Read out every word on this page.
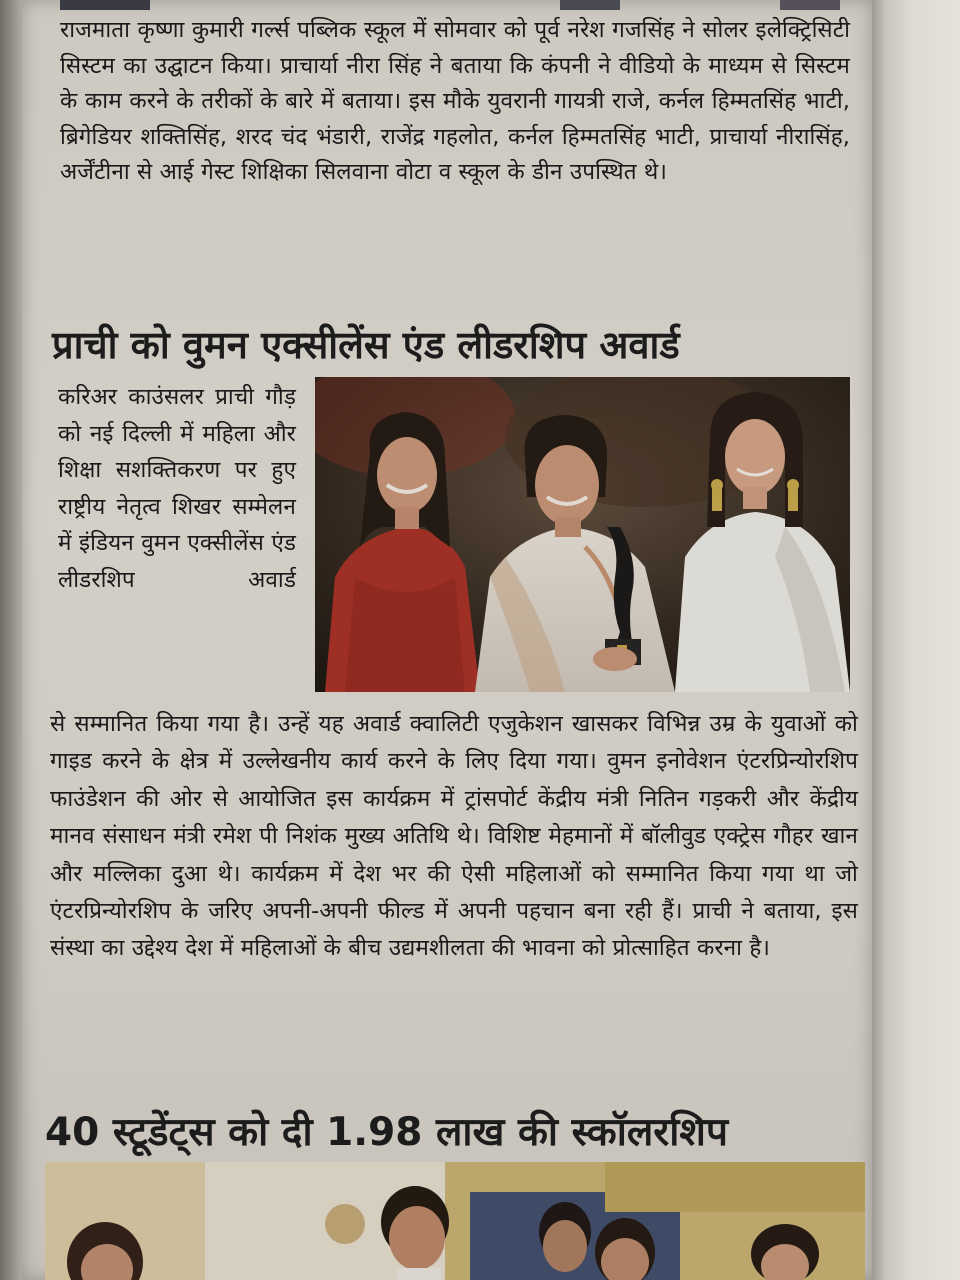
राजमाता कृष्णा कुमारी गर्ल्स पब्लिक स्कूल में सोमवार को पूर्व नरेश गजसिंह ने सोलर इलेक्ट्रिसिटी सिस्टम का उद्घाटन किया। प्राचार्या नीरा सिंह ने बताया कि कंपनी ने वीडियो के माध्यम से सिस्टम के काम करने के तरीकों के बारे में बताया। इस मौके युवरानी गायत्री राजे, कर्नल हिम्मतसिंह भाटी, ब्रिगेडियर शक्तिसिंह, शरद चंद भंडारी, राजेंद्र गहलोत, कर्नल हिम्मतसिंह भाटी, प्राचार्या नीरासिंह, अर्जेंटीना से आई गेस्ट शिक्षिका सिलवाना वोटा व स्कूल के डीन उपस्थित थे।

प्राची को वुमन एक्सीलेंस एंड लीडरशिप अवार्ड

करिअर काउंसलर प्राची गौड़ को नई दिल्ली में महिला और शिक्षा सशक्तिकरण पर हुए राष्ट्रीय नेतृत्व शिखर सम्मेलन में इंडियन वुमन एक्सीलेंस एंड लीडरशिप अवार्ड

से सम्मानित किया गया है। उन्हें यह अवार्ड क्वालिटी एजुकेशन खासकर विभिन्न उम्र के युवाओं को गाइड करने के क्षेत्र में उल्लेखनीय कार्य करने के लिए दिया गया। वुमन इनोवेशन एंटरप्रिन्योरशिप फाउंडेशन की ओर से आयोजित इस कार्यक्रम में ट्रांसपोर्ट केंद्रीय मंत्री नितिन गड़करी और केंद्रीय मानव संसाधन मंत्री रमेश पी निशंक मुख्य अतिथि थे। विशिष्ट मेहमानों में बॉलीवुड एक्ट्रेस गौहर खान और मल्लिका दुआ थे। कार्यक्रम में देश भर की ऐसी महिलाओं को सम्मानित किया गया था जो एंटरप्रिन्योरशिप के जरिए अपनी-अपनी फील्ड में अपनी पहचान बना रही हैं। प्राची ने बताया, इस संस्था का उद्देश्य देश में महिलाओं के बीच उद्यमशीलता की भावना को प्रोत्साहित करना है।

40 स्टूडेंट्स को दी 1.98 लाख की स्कॉलरशिप
